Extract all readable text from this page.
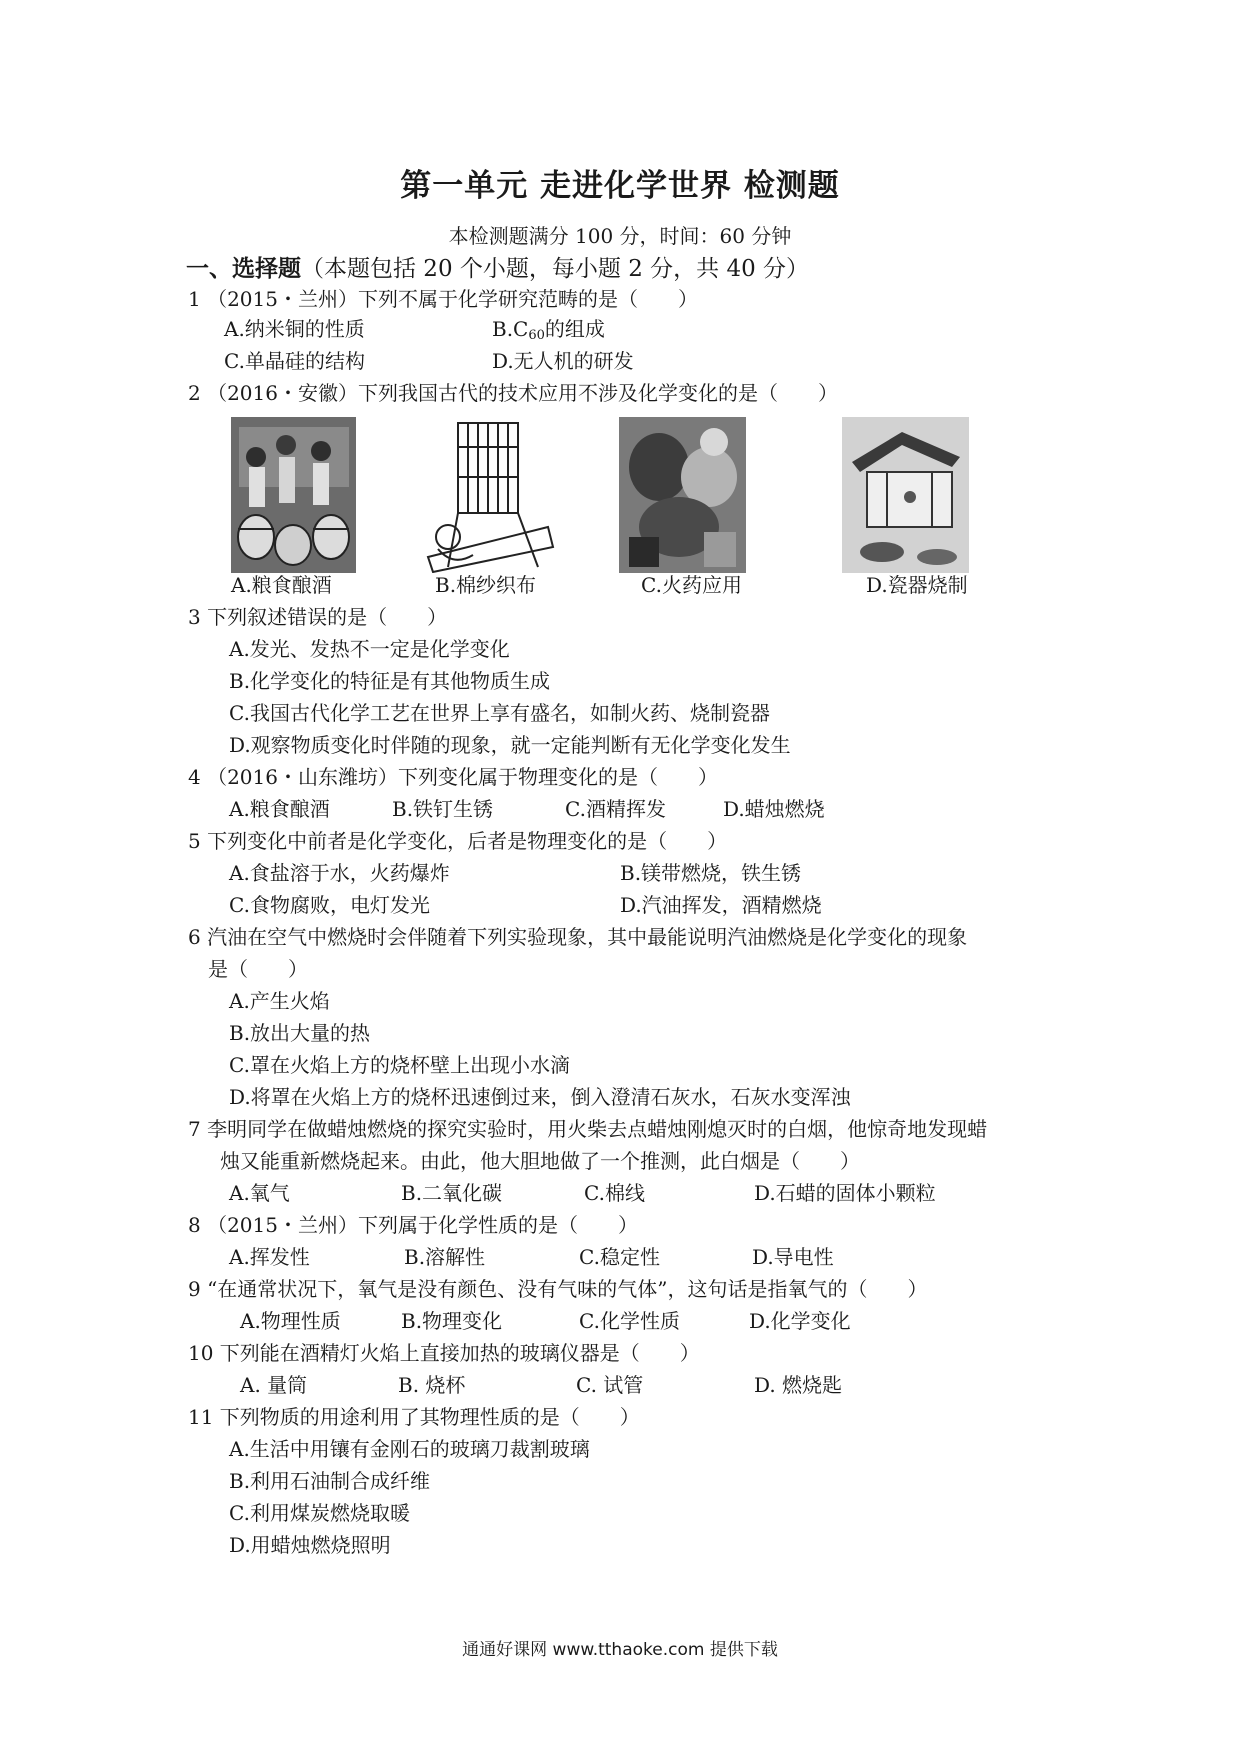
第一单元 走进化学世界 检测题
本检测题满分 100 分，时间：60 分钟
一、选择题（本题包括 20 个小题，每小题 2 分，共 40 分）
1 （2015・兰州）下列不属于化学研究范畴的是（　　）
A.纳米铜的性质	$B.C_{60}$的组成
C.单晶硅的结构	D.无人机的研发
2 （2016・安徽）下列我国古代的技术应用不涉及化学变化的是（　　）
A.粮食酿酒	B.棉纱织布	C.火药应用	D.瓷器烧制
3 下列叙述错误的是（　　）
A.发光、发热不一定是化学变化
B.化学变化的特征是有其他物质生成
C.我国古代化学工艺在世界上享有盛名，如制火药、烧制瓷器
D.观察物质变化时伴随的现象，就一定能判断有无化学变化发生
4 （2016・山东潍坊）下列变化属于物理变化的是（　　）
A.粮食酿酒	B.铁钉生锈	C.酒精挥发	D.蜡烛燃烧
5 下列变化中前者是化学变化，后者是物理变化的是（　　）
A.食盐溶于水，火药爆炸	B.镁带燃烧，铁生锈
C.食物腐败，电灯发光	D.汽油挥发，酒精燃烧
6 汽油在空气中燃烧时会伴随着下列实验现象，其中最能说明汽油燃烧是化学变化的现象
是（　　）
A.产生火焰
B.放出大量的热
C.罩在火焰上方的烧杯壁上出现小水滴
D.将罩在火焰上方的烧杯迅速倒过来，倒入澄清石灰水，石灰水变浑浊
7 李明同学在做蜡烛燃烧的探究实验时，用火柴去点蜡烛刚熄灭时的白烟，他惊奇地发现蜡
烛又能重新燃烧起来。由此，他大胆地做了一个推测，此白烟是（　　）
A.氧气	B.二氧化碳	C.棉线	D.石蜡的固体小颗粒
8 （2015・兰州）下列属于化学性质的是（　　）
A.挥发性	B.溶解性	C.稳定性	D.导电性
9 “在通常状况下，氧气是没有颜色、没有气味的气体”，这句话是指氧气的（　　）
A.物理性质	B.物理变化	C.化学性质	D.化学变化
10 下列能在酒精灯火焰上直接加热的玻璃仪器是（　　）
A. 量筒	B. 烧杯	C. 试管	D. 燃烧匙
11 下列物质的用途利用了其物理性质的是（　　）
A.生活中用镶有金刚石的玻璃刀裁割玻璃
B.利用石油制合成纤维
C.利用煤炭燃烧取暖
D.用蜡烛燃烧照明
通通好课网 www.tthaoke.com 提供下载
